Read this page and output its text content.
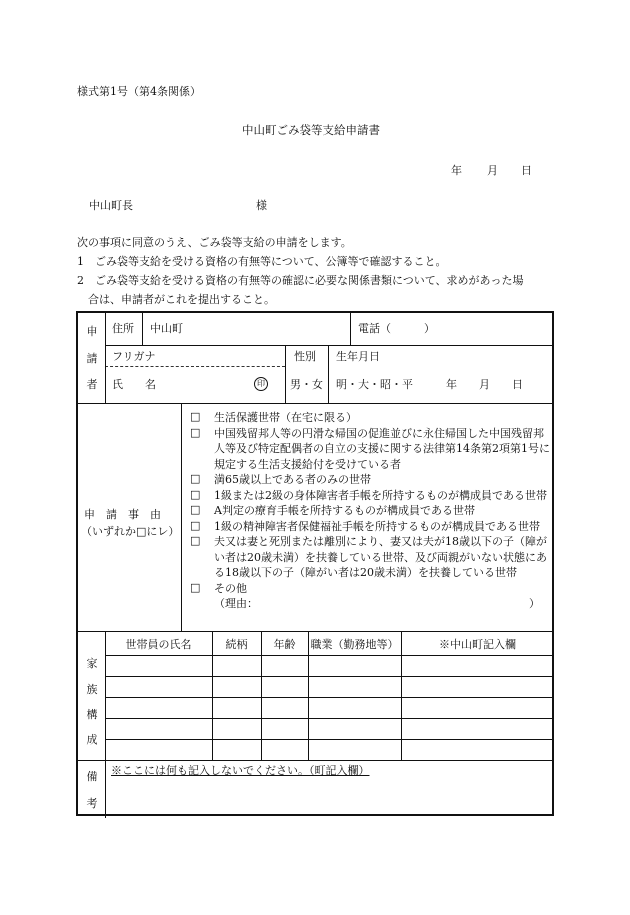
様式第1号（第4条関係）
中山町ごみ袋等支給申請書
年 月 日
中山町長	様
次の事項に同意のうえ、ごみ袋等支給の申請をします。
1　ごみ袋等支給を受ける資格の有無等について、公簿等で確認すること。
2　ごみ袋等支給を受ける資格の有無等の確認に必要な関係書類について、求めがあった場
合は、申請者がこれを提出すること。
申
請
者
住所 中山町	電話（　　　）
フリガナ	性別 生年月日
氏　　名	印 男・女 明・大・昭・平　　　年　　月　　日
申　請　事　由
（いずれか□にレ）
□	生活保護世帯（在宅に限る）
□	中国残留邦人等の円滑な帰国の促進並びに永住帰国した中国残留邦人等及び特定配偶者の自立の支援に関する法律第14条第2項第1号に規定する生活支援給付を受けている者
□	満65歳以上である者のみの世帯
□	1級または2級の身体障害者手帳を所持するものが構成員である世帯
□	A判定の療育手帳を所持するものが構成員である世帯
□	1級の精神障害者保健福祉手帳を所持するものが構成員である世帯
□	夫又は妻と死別または離別により、妻又は夫が18歳以下の子（障がい者は20歳未満）を扶養している世帯、及び両親がいない状態にある18歳以下の子（障がい者は20歳未満）を扶養している世帯
□	その他
（理由：	）
家
族
構
成
世帯員の氏名	続柄	年齢	職業（勤務地等）	※中山町記入欄
備
考
※ここには何も記入しないでください。（町記入欄）
